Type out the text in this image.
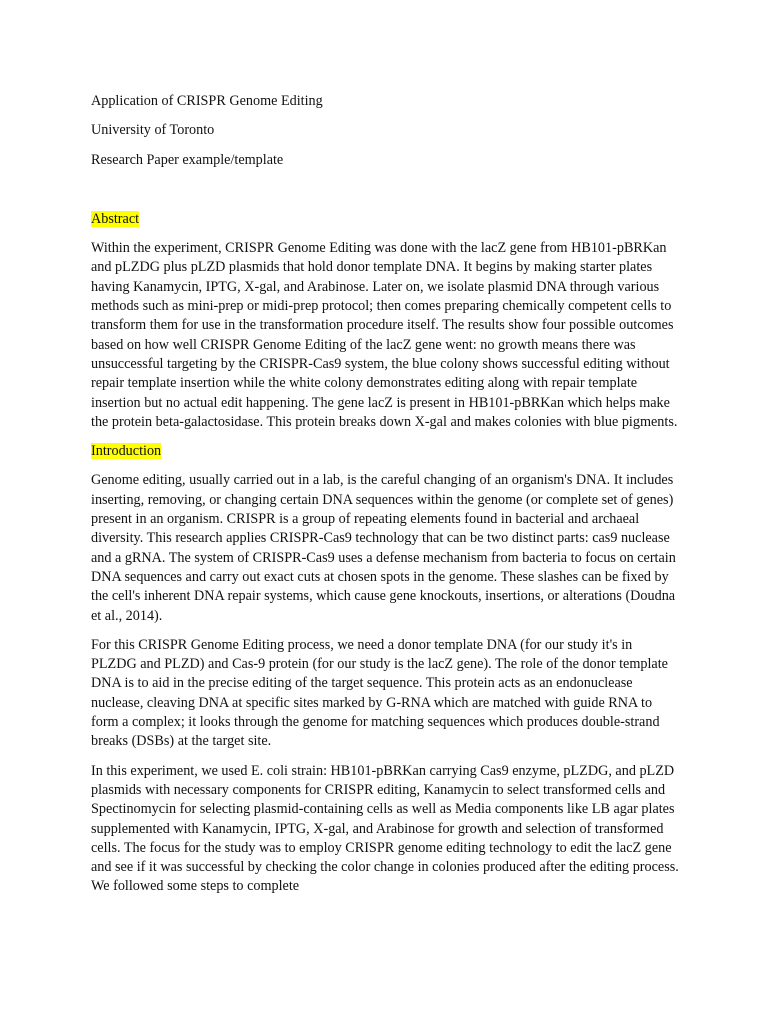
Application of CRISPR Genome Editing
University of Toronto
Research Paper example/template
Abstract

Within the experiment, CRISPR Genome Editing was done with the lacZ gene from HB101-pBRKan and pLZDG plus pLZD plasmids that hold donor template DNA. It begins by making starter plates having Kanamycin, IPTG, X-gal, and Arabinose. Later on, we isolate plasmid DNA through various methods such as mini-prep or midi-prep protocol; then comes preparing chemically competent cells to transform them for use in the transformation procedure itself. The results show four possible outcomes based on how well CRISPR Genome Editing of the lacZ gene went: no growth means there was unsuccessful targeting by the CRISPR-Cas9 system, the blue colony shows successful editing without repair template insertion while the white colony demonstrates editing along with repair template insertion but no actual edit happening. The gene lacZ is present in HB101-pBRKan which helps make the protein beta-galactosidase. This protein breaks down X-gal and makes colonies with blue pigments.

Introduction

Genome editing, usually carried out in a lab, is the careful changing of an organism's DNA. It includes inserting, removing, or changing certain DNA sequences within the genome (or complete set of genes) present in an organism. CRISPR is a group of repeating elements found in bacterial and archaeal diversity. This research applies CRISPR-Cas9 technology that can be two distinct parts: cas9 nuclease and a gRNA. The system of CRISPR-Cas9 uses a defense mechanism from bacteria to focus on certain DNA sequences and carry out exact cuts at chosen spots in the genome. These slashes can be fixed by the cell's inherent DNA repair systems, which cause gene knockouts, insertions, or alterations (Doudna et al., 2014).

For this CRISPR Genome Editing process, we need a donor template DNA (for our study it's in PLZDG and PLZD) and Cas-9 protein (for our study is the lacZ gene). The role of the donor template DNA is to aid in the precise editing of the target sequence. This protein acts as an endonuclease nuclease, cleaving DNA at specific sites marked by G-RNA which are matched with guide RNA to form a complex; it looks through the genome for matching sequences which produces double-strand breaks (DSBs) at the target site.

In this experiment, we used E. coli strain: HB101-pBRKan carrying Cas9 enzyme, pLZDG, and pLZD plasmids with necessary components for CRISPR editing, Kanamycin to select transformed cells and Spectinomycin for selecting plasmid-containing cells as well as Media components like LB agar plates supplemented with Kanamycin, IPTG, X-gal, and Arabinose for growth and selection of transformed cells. The focus for the study was to employ CRISPR genome editing technology to edit the lacZ gene and see if it was successful by checking the color change in colonies produced after the editing process. We followed some steps to complete
